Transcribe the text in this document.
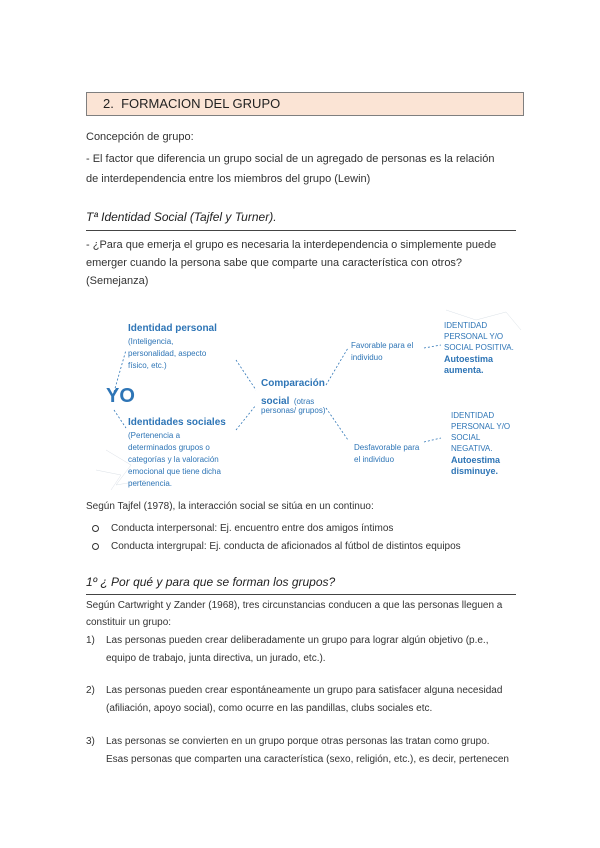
2. FORMACION DEL GRUPO
Concepción de grupo:
- El factor que diferencia un grupo social de un agregado de personas es la relación
de interdependencia entre los miembros del grupo (Lewin)
Tª Identidad Social (Tajfel y Turner).
- ¿Para que emerja el grupo es necesaria la interdependencia o simplemente puede
emerger cuando la persona sabe que comparte una característica con otros?
(Semejanza)
YO
Identidad personal
(Inteligencia,
personalidad, aspecto
físico, etc.)
Identidades sociales
(Pertenencia a
determinados grupos o
categorías y la valoración
emocional que tiene dicha
pertenencia.
Comparación
social (otras
personas/ grupos)
Favorable para el
individuo
Desfavorable para
el individuo
IDENTIDAD
PERSONAL Y/O
SOCIAL POSITIVA.
Autoestima
aumenta.
IDENTIDAD
PERSONAL Y/O
SOCIAL
NEGATIVA.
Autoestima
disminuye.
Según Tajfel (1978), la interacción social se sitúa en un continuo:
Conducta interpersonal: Ej. encuentro entre dos amigos íntimos
Conducta intergrupal: Ej. conducta de aficionados al fútbol de distintos equipos
1º ¿ Por qué y para que se forman los grupos?
Según Cartwright y Zander (1968), tres circunstancias conducen a que las personas lleguen a
constituir un grupo:
1) Las personas pueden crear deliberadamente un grupo para lograr algún objetivo (p.e.,
equipo de trabajo, junta directiva, un jurado, etc.).
2) Las personas pueden crear espontáneamente un grupo para satisfacer alguna necesidad
(afiliación, apoyo social), como ocurre en las pandillas, clubs sociales etc.
3) Las personas se convierten en un grupo porque otras personas las tratan como grupo.
Esas personas que comparten una característica (sexo, religión, etc.), es decir, pertenecen
